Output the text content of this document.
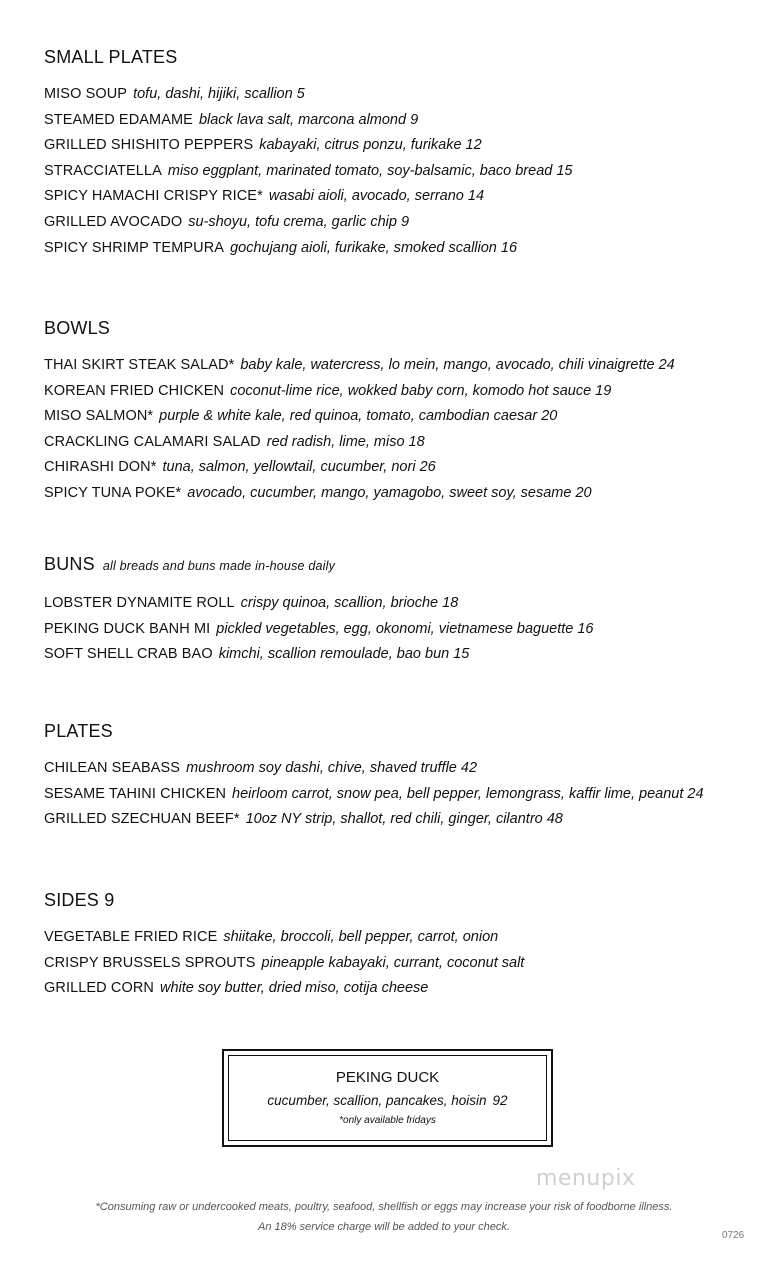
SMALL PLATES
MISO SOUP tofu, dashi, hijiki, scallion 5
STEAMED EDAMAME black lava salt, marcona almond 9
GRILLED SHISHITO PEPPERS kabayaki, citrus ponzu, furikake 12
STRACCIATELLA miso eggplant, marinated tomato, soy-balsamic, baco bread 15
SPICY HAMACHI CRISPY RICE* wasabi aioli, avocado, serrano 14
GRILLED AVOCADO su-shoyu, tofu crema, garlic chip 9
SPICY SHRIMP TEMPURA gochujang aioli, furikake, smoked scallion 16
BOWLS
THAI SKIRT STEAK SALAD* baby kale, watercress, lo mein, mango, avocado, chili vinaigrette 24
KOREAN FRIED CHICKEN coconut-lime rice, wokked baby corn, komodo hot sauce 19
MISO SALMON* purple & white kale, red quinoa, tomato, cambodian caesar 20
CRACKLING CALAMARI SALAD red radish, lime, miso 18
CHIRASHI DON* tuna, salmon, yellowtail, cucumber, nori 26
SPICY TUNA POKE* avocado, cucumber, mango, yamagobo, sweet soy, sesame 20
BUNS all breads and buns made in-house daily
LOBSTER DYNAMITE ROLL crispy quinoa, scallion, brioche 18
PEKING DUCK BANH MI pickled vegetables, egg, okonomi, vietnamese baguette 16
SOFT SHELL CRAB BAO kimchi, scallion remoulade, bao bun 15
PLATES
CHILEAN SEABASS mushroom soy dashi, chive, shaved truffle 42
SESAME TAHINI CHICKEN heirloom carrot, snow pea, bell pepper, lemongrass, kaffir lime, peanut 24
GRILLED SZECHUAN BEEF* 10oz NY strip, shallot, red chili, ginger, cilantro 48
SIDES 9
VEGETABLE FRIED RICE shiitake, broccoli, bell pepper, carrot, onion
CRISPY BRUSSELS SPROUTS pineapple kabayaki, currant, coconut salt
GRILLED CORN white soy butter, dried miso, cotija cheese
PEKING DUCK
cucumber, scallion, pancakes, hoisin 92
*only available fridays
menupix
*Consuming raw or undercooked meats, poultry, seafood, shellfish or eggs may increase your risk of foodborne illness.
An 18% service charge will be added to your check.
0726
